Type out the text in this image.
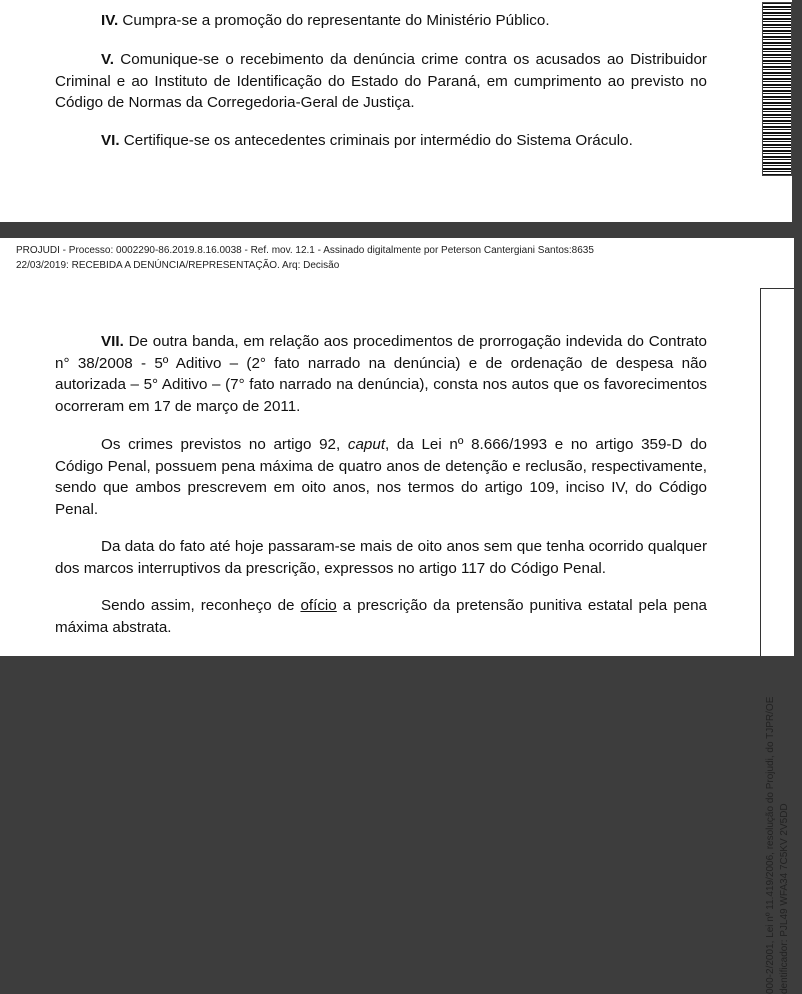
IV. Cumpra-se a promoção do representante do Ministério Público.

V. Comunique-se o recebimento da denúncia crime contra os acusados ao Distribuidor Criminal e ao Instituto de Identificação do Estado do Paraná, em cumprimento ao previsto no Código de Normas da Corregedoria-Geral de Justiça.

VI. Certifique-se os antecedentes criminais por intermédio do Sistema Oráculo.

PROJUDI - Processo: 0002290-86.2019.8.16.0038 - Ref. mov. 12.1 - Assinado digitalmente por Peterson Cantergiani Santos:8635
22/03/2019: RECEBIDA A DENÚNCIA/REPRESENTAÇÃO. Arq: Decisão

VII. De outra banda, em relação aos procedimentos de prorrogação indevida do Contrato n° 38/2008 - 5º Aditivo – (2° fato narrado na denúncia) e de ordenação de despesa não autorizada – 5° Aditivo – (7° fato narrado na denúncia), consta nos autos que os favorecimentos ocorreram em 17 de março de 2011.

Os crimes previstos no artigo 92, caput, da Lei nº 8.666/1993 e no artigo 359-D do Código Penal, possuem pena máxima de quatro anos de detenção e reclusão, respectivamente, sendo que ambos prescrevem em oito anos, nos termos do artigo 109, inciso IV, do Código Penal.

Da data do fato até hoje passaram-se mais de oito anos sem que tenha ocorrido qualquer dos marcos interruptivos da prescrição, expressos no artigo 117 do Código Penal.

Sendo assim, reconheço de ofício a prescrição da pretensão punitiva estatal pela pena máxima abstrata.

000-2/2001, Lei nº 11.419/2006, resolução do Projudi, do TJPR/OE dentificador: PJL49 WFA34 7C5KV 2V5DD
